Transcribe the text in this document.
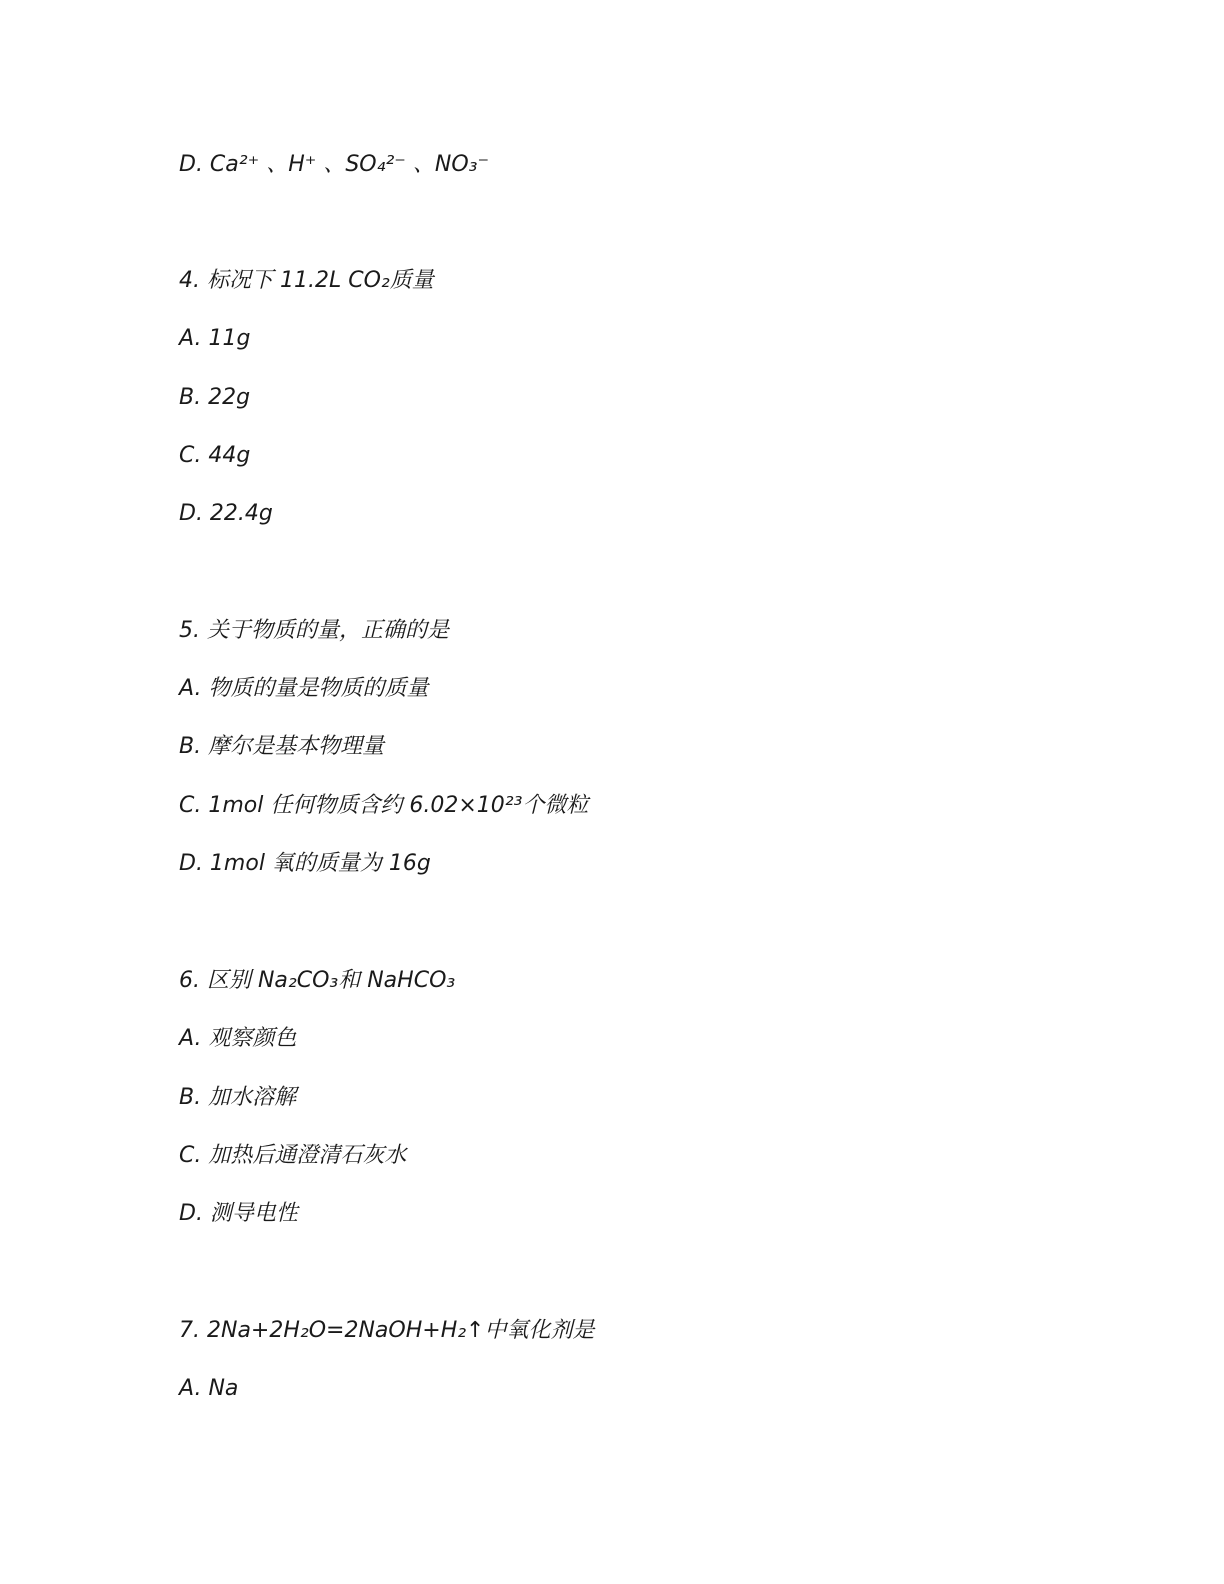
D. Ca²⁺ 、H⁺ 、SO₄²⁻ 、NO₃⁻
4. 标况下 11.2L CO₂质量
A. 11g
B. 22g
C. 44g
D. 22.4g
5. 关于物质的量，正确的是
A. 物质的量是物质的质量
B. 摩尔是基本物理量
C. 1mol 任何物质含约 6.02×10²³个微粒
D. 1mol 氧的质量为 16g
6. 区别 Na₂CO₃和 NaHCO₃
A. 观察颜色
B. 加水溶解
C. 加热后通澄清石灰水
D. 测导电性
7. 2Na+2H₂O=2NaOH+H₂↑中氧化剂是
A. Na
